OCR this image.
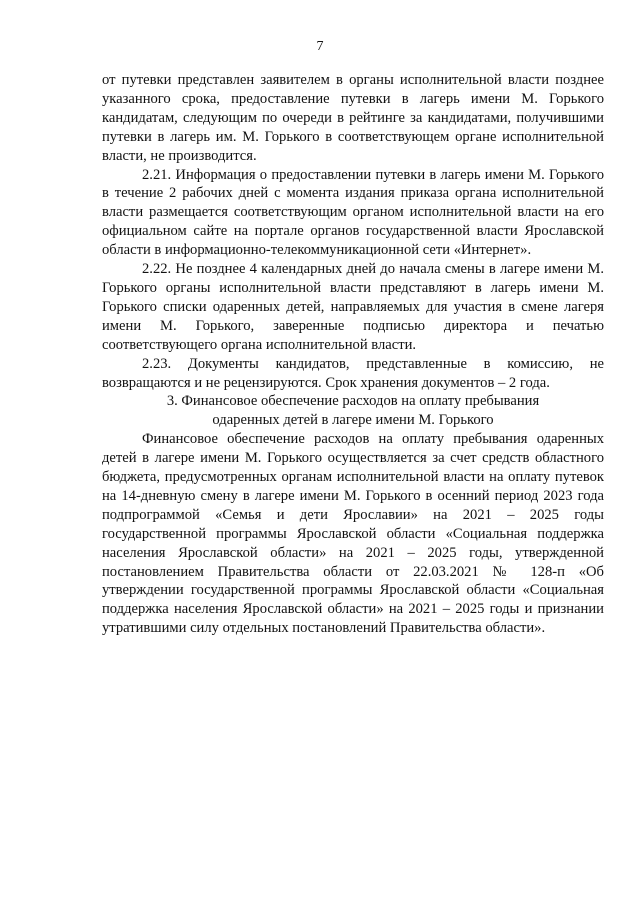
7

от путевки представлен заявителем в органы исполнительной власти позднее указанного срока, предоставление путевки в лагерь имени М. Горького кандидатам, следующим по очереди в рейтинге за кандидатами, получившими путевки в лагерь им. М. Горького в соответствующем органе исполнительной власти, не производится.

2.21. Информация о предоставлении путевки в лагерь имени М. Горького в течение 2 рабочих дней с момента издания приказа органа исполнительной власти размещается соответствующим органом исполнительной власти на его официальном сайте на портале органов государственной власти Ярославской области в информационно-телекоммуникационной сети «Интернет».

2.22. Не позднее 4 календарных дней до начала смены в лагере имени М. Горького органы исполнительной власти представляют в лагерь имени М. Горького списки одаренных детей, направляемых для участия в смене лагеря имени М. Горького, заверенные подписью директора и печатью соответствующего органа исполнительной власти.

2.23. Документы кандидатов, представленные в комиссию, не возвращаются и не рецензируются. Срок хранения документов – 2 года.

3. Финансовое обеспечение расходов на оплату пребывания
одаренных детей в лагере имени М. Горького

Финансовое обеспечение расходов на оплату пребывания одаренных детей в лагере имени М. Горького осуществляется за счет средств областного бюджета, предусмотренных органам исполнительной власти на оплату путевок на 14-дневную смену в лагере имени М. Горького в осенний период 2023 года подпрограммой «Семья и дети Ярославии» на 2021 – 2025 годы государственной программы Ярославской области «Социальная поддержка населения Ярославской области» на 2021 – 2025 годы, утвержденной постановлением Правительства области от 22.03.2021 № 128-п «Об утверждении государственной программы Ярославской области «Социальная поддержка населения Ярославской области» на 2021 – 2025 годы и признании утратившими силу отдельных постановлений Правительства области».
